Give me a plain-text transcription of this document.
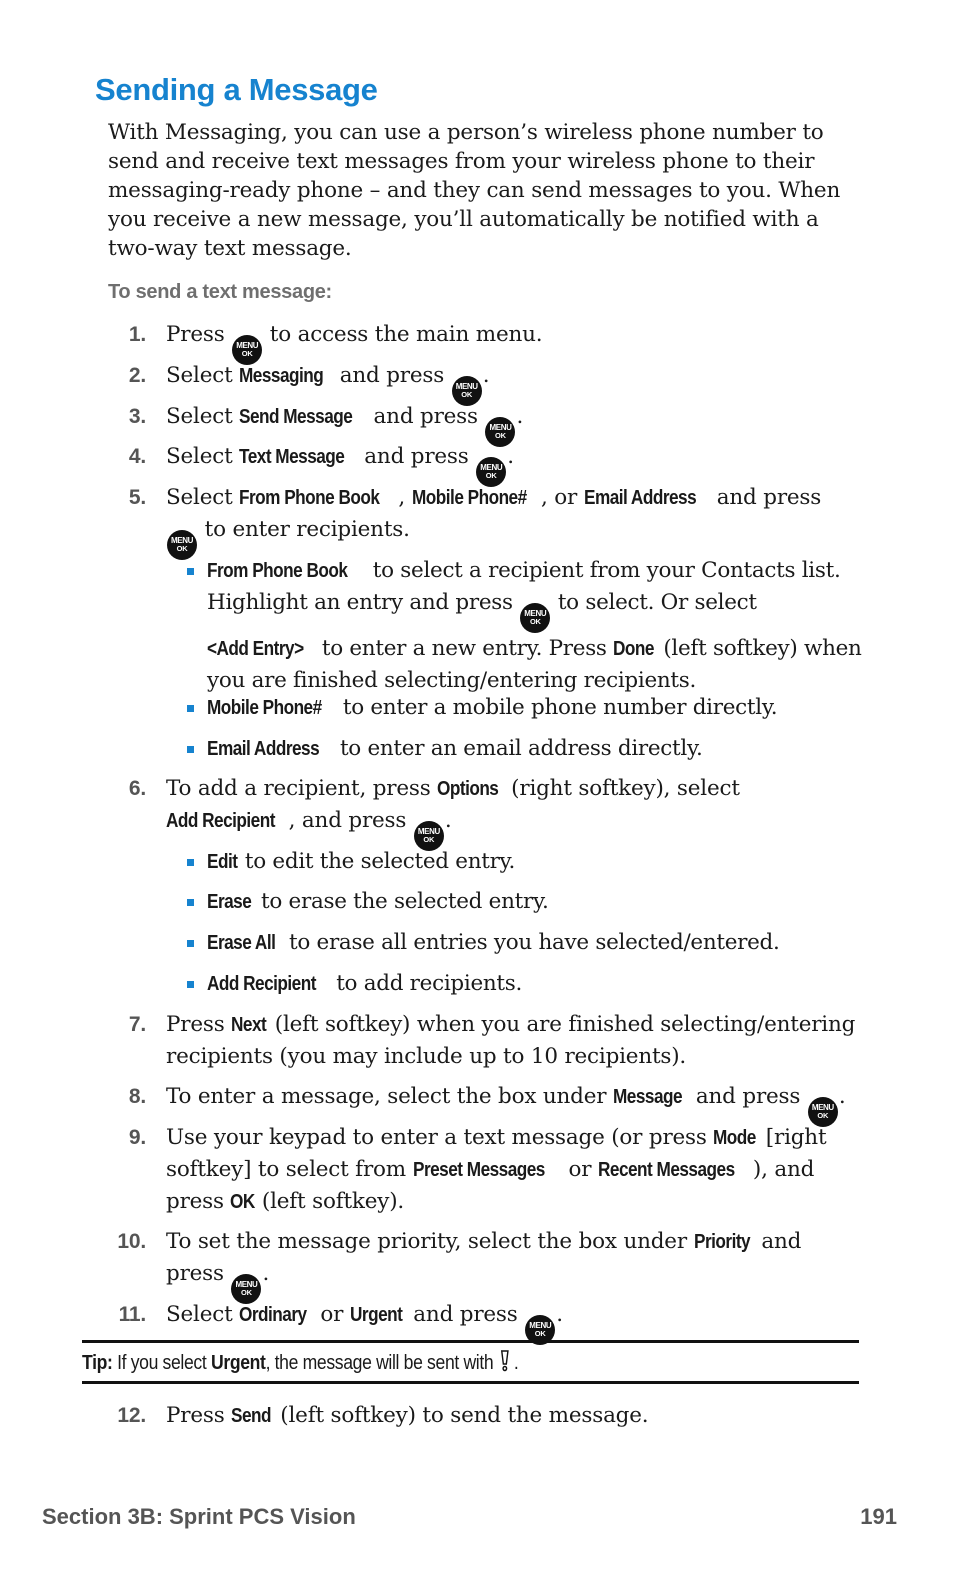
Sending a Message
With Messaging, you can use a person’s wireless phone number to send and receive text messages from your wireless phone to their messaging-ready phone – and they can send messages to you. When you receive a new message, you’ll automatically be notified with a two-way text message.
To send a text message:
1. Press MENU
OK
to access the main menu.
2. Select Messaging and press MENU
OK
.
3. Select Send Message and press MENU
OK
.
4. Select Text Message and press MENU
OK
.
5. Select From Phone Book , Mobile Phone# , or Email Address and press
MENU
OK
to enter recipients.
From Phone Book to select a recipient from your Contacts list. Highlight an entry and press MENU
OK
to select. Or select <Add Entry> to enter a new entry. Press Done (left softkey) when you are finished selecting/entering recipients.
Mobile Phone# to enter a mobile phone number directly.
Email Address to enter an email address directly.
6. To add a recipient, press Options (right softkey), select
Add Recipient , and press MENU
OK
.
Edit to edit the selected entry.
Erase to erase the selected entry.
Erase All to erase all entries you have selected/entered.
Add Recipient to add recipients.
7. Press Next (left softkey) when you are finished selecting/entering recipients (you may include up to 10 recipients).
8. To enter a message, select the box under Message and press MENU
OK
.
9. Use your keypad to enter a text message (or press Mode [right softkey] to select from Preset Messages or Recent Messages ), and press OK (left softkey).
10. To set the message priority, select the box under Priority and press MENU
OK
.
11. Select Ordinary or Urgent and press MENU
OK
.
Tip: If you select Urgent, the message will be sent with  .
12. Press Send (left softkey) to send the message.
Section 3B: Sprint PCS Vision	191
